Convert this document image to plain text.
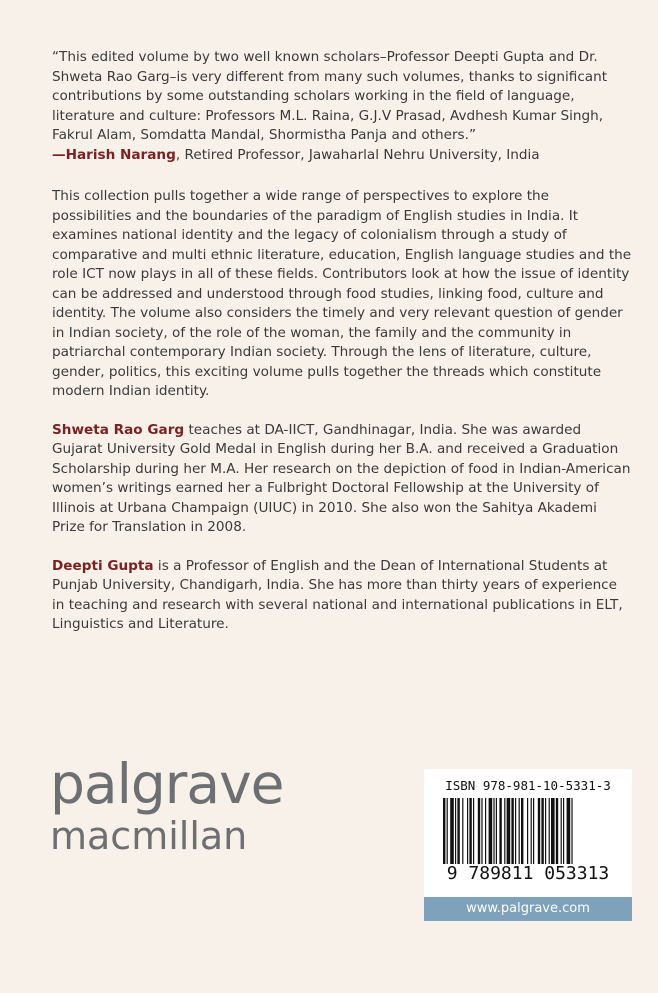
“This edited volume by two well known scholars–Professor Deepti Gupta and Dr. Shweta Rao Garg–is very different from many such volumes, thanks to significant contributions by some outstanding scholars working in the field of language, literature and culture: Professors M.L. Raina, G.J.V Prasad, Avdhesh Kumar Singh, Fakrul Alam, Somdatta Mandal, Shormistha Panja and others.”
—Harish Narang, Retired Professor, Jawaharlal Nehru University, India

This collection pulls together a wide range of perspectives to explore the possibilities and the boundaries of the paradigm of English studies in India. It examines national identity and the legacy of colonialism through a study of comparative and multi ethnic literature, education, English language studies and the role ICT now plays in all of these fields. Contributors look at how the issue of identity can be addressed and understood through food studies, linking food, culture and identity. The volume also considers the timely and very relevant question of gender in Indian society, of the role of the woman, the family and the community in patriarchal contemporary Indian society. Through the lens of literature, culture, gender, politics, this exciting volume pulls together the threads which constitute modern Indian identity.

Shweta Rao Garg teaches at DA-IICT, Gandhinagar, India. She was awarded Gujarat University Gold Medal in English during her B.A. and received a Graduation Scholarship during her M.A. Her research on the depiction of food in Indian-American women’s writings earned her a Fulbright Doctoral Fellowship at the University of Illinois at Urbana Champaign (UIUC) in 2010. She also won the Sahitya Akademi Prize for Translation in 2008.

Deepti Gupta is a Professor of English and the Dean of International Students at Punjab University, Chandigarh, India. She has more than thirty years of experience in teaching and research with several national and international publications in ELT, Linguistics and Literature.

palgrave
macmillan
ISBN 978-981-10-5331-3
9 789811 053313
www.palgrave.com
